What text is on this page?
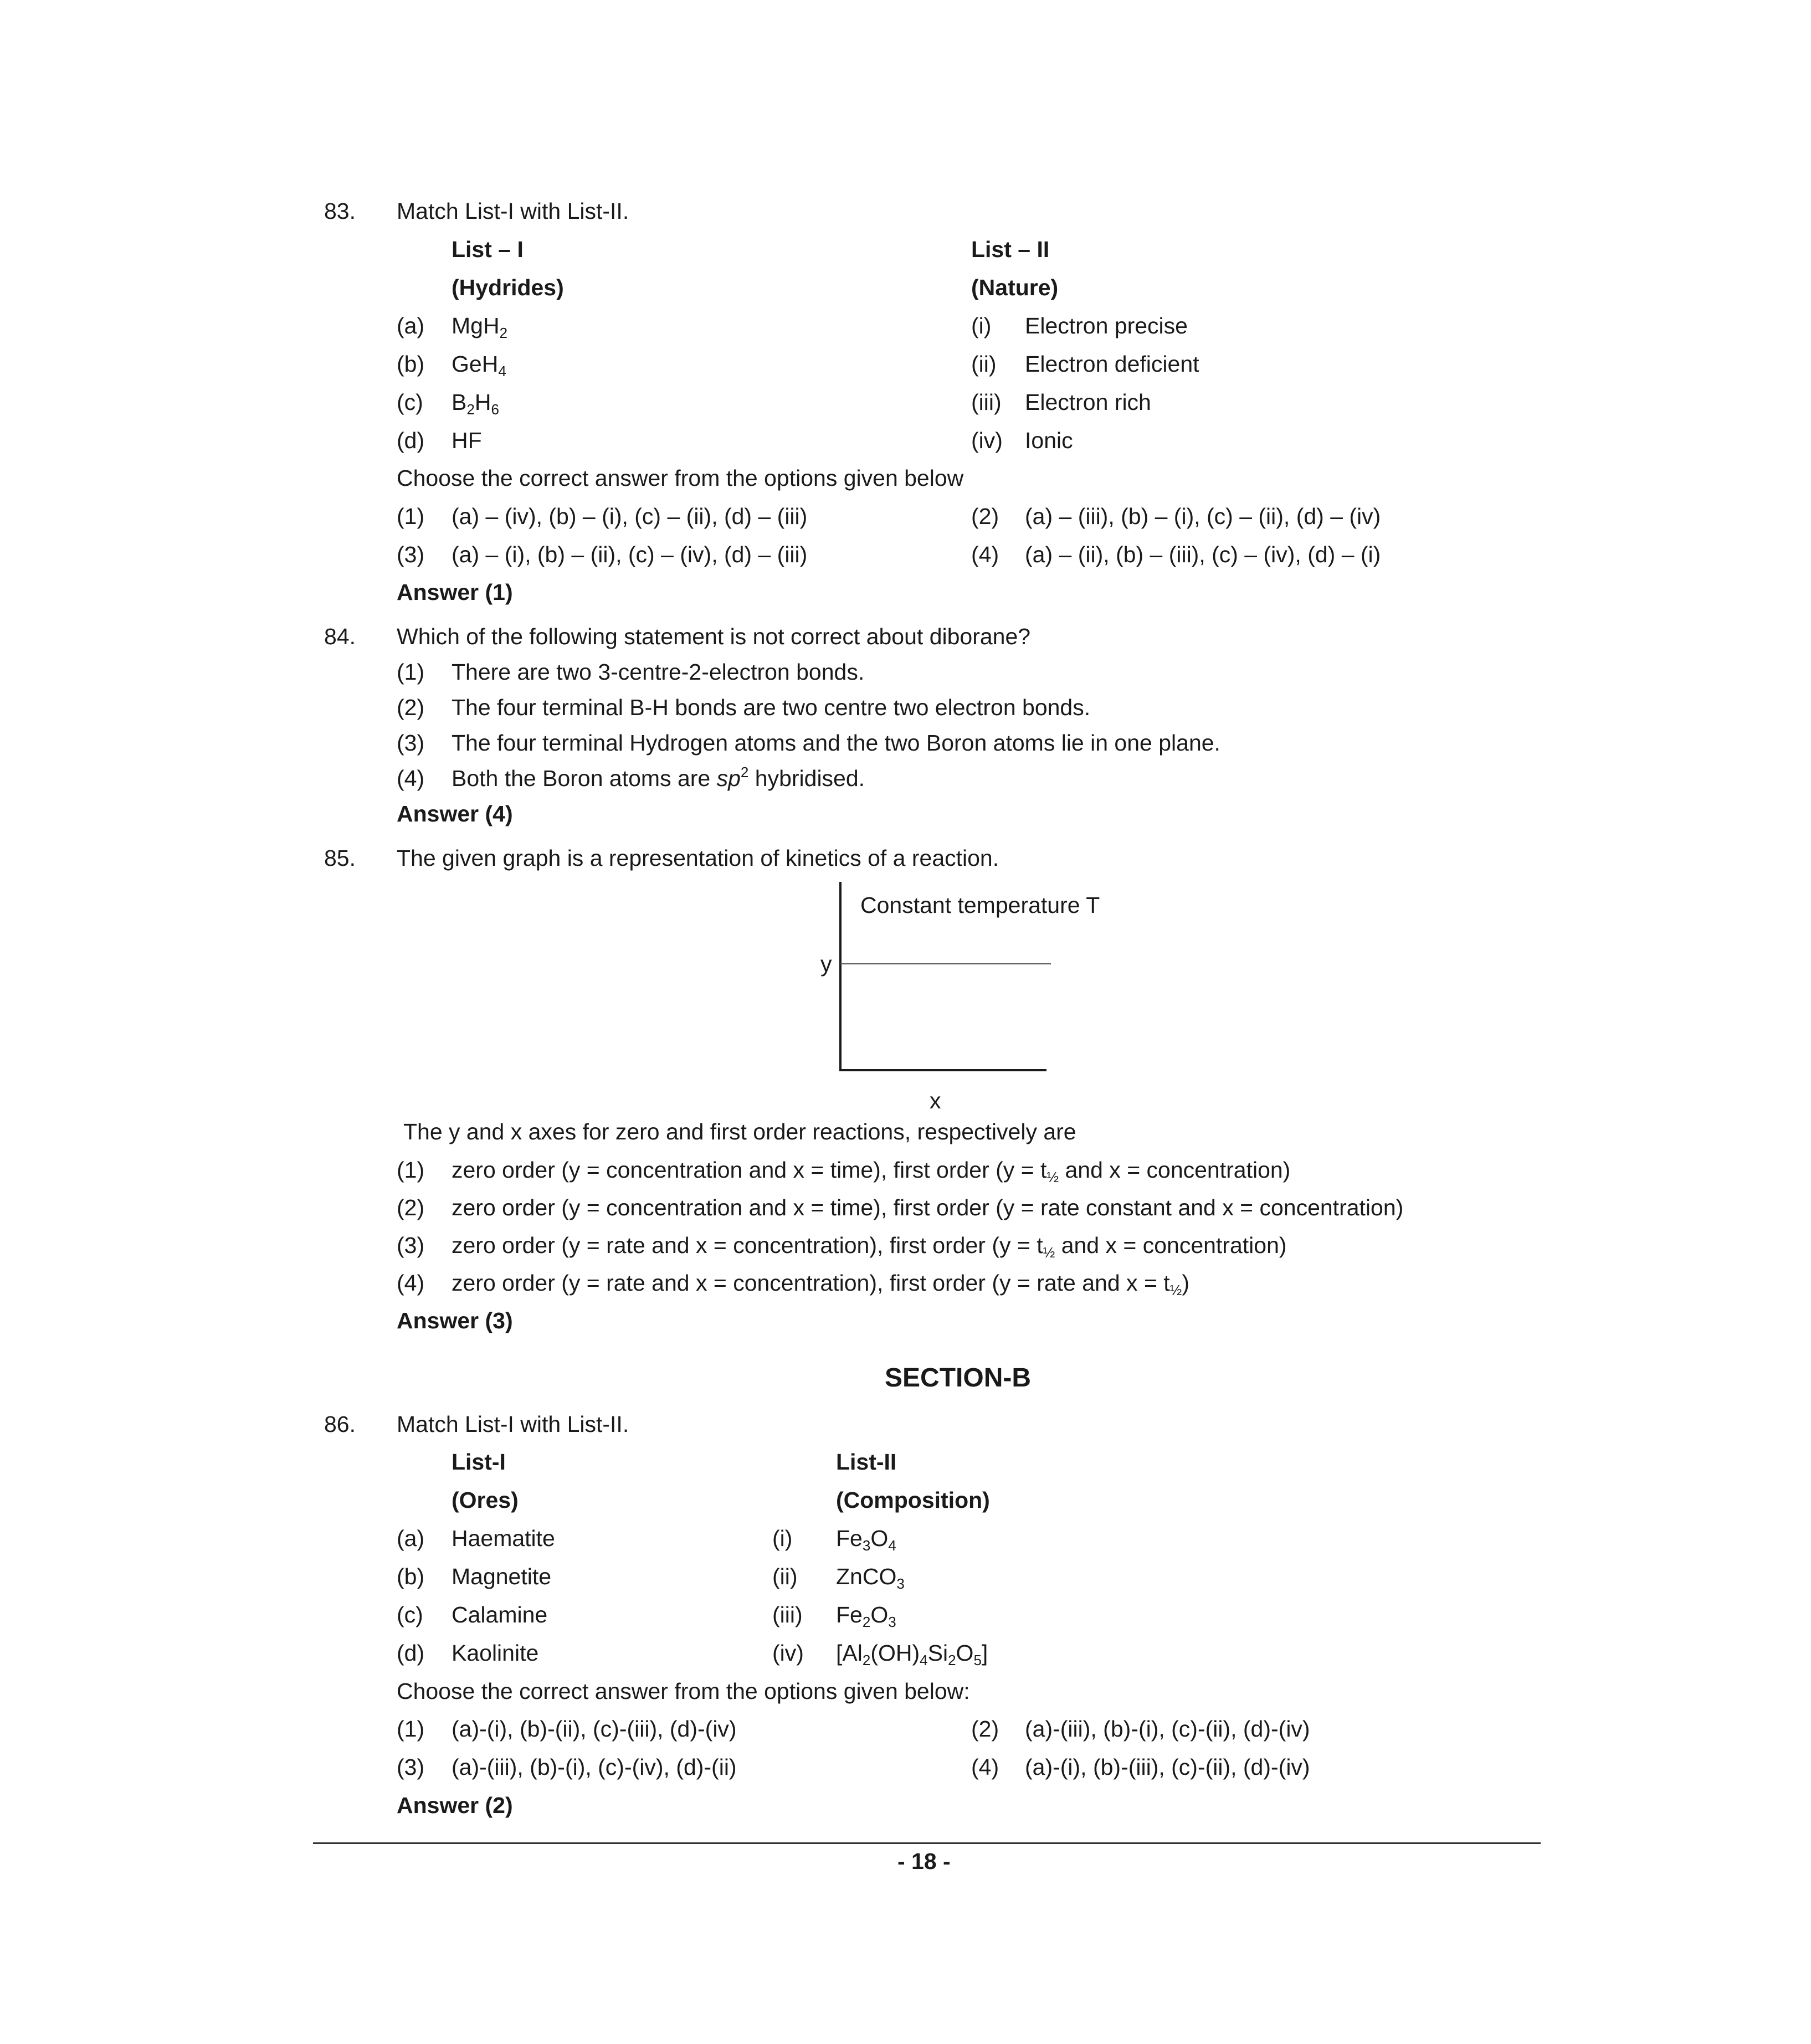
83. Match List-I with List-II.
List – I	List – II
(Hydrides)	(Nature)
(a) MgH$_2$	(i) Electron precise
(b) GeH$_4$	(ii) Electron deficient
(c) $B_2H_6$	(iii) Electron rich
(d) HF	(iv) Ionic
Choose the correct answer from the options given below
(1) (a) – (iv), (b) – (i), (c) – (ii), (d) – (iii)	(2) (a) – (iii), (b) – (i), (c) – (ii), (d) – (iv)
(3) (a) – (i), (b) – (ii), (c) – (iv), (d) – (iii)	(4) (a) – (ii), (b) – (iii), (c) – (iv), (d) – (i)
Answer (1)
84. Which of the following statement is not correct about diborane?
(1) There are two 3-centre-2-electron bonds.
(2) The four terminal B-H bonds are two centre two electron bonds.
(3) The four terminal Hydrogen atoms and the two Boron atoms lie in one plane.
(4) Both the Boron atoms are $sp^2$ hybridised.
Answer (4)
85. The given graph is a representation of kinetics of a reaction.
Constant temperature T
y
x
The y and x axes for zero and first order reactions, respectively are
(1) zero order (y = concentration and x = time), first order ($y = t_{\frac{1}{2}}$ and x = concentration)
(2) zero order (y = concentration and x = time), first order (y = rate constant and x = concentration)
(3) zero order (y = rate and x = concentration), first order ($y = t_{\frac{1}{2}}$ and x = concentration)
(4) zero order (y = rate and x = concentration), first order (y = rate and $x = t_{\frac{1}{2}}$)
Answer (3)
SECTION-B
86. Match List-I with List-II.
List-I	List-II
(Ores)	(Composition)
(a) Haematite	(i) $Fe_3O_4$
(b) Magnetite	(ii) ZnCO$_3$
(c) Calamine	(iii) $Fe_2O_3$
(d) Kaolinite	(iv) $[Al_2(OH)_4Si_2O_5]$
Choose the correct answer from the options given below:
(1) (a)-(i), (b)-(ii), (c)-(iii), (d)-(iv)	(2) (a)-(iii), (b)-(i), (c)-(ii), (d)-(iv)
(3) (a)-(iii), (b)-(i), (c)-(iv), (d)-(ii)	(4) (a)-(i), (b)-(iii), (c)-(ii), (d)-(iv)
Answer (2)
- 18 -
